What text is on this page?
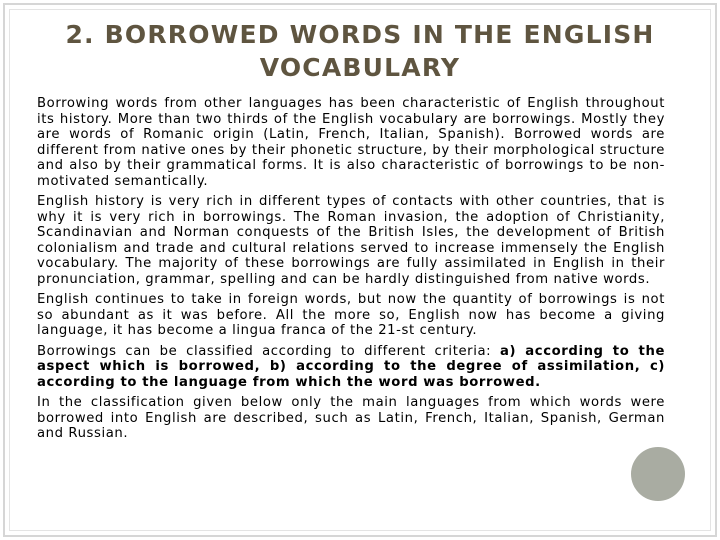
2. BORROWED WORDS IN THE ENGLISH VOCABULARY

Borrowing words from other languages has been characteristic of English throughout its history. More than two thirds of the English vocabulary are borrowings. Mostly they are words of Romanic origin (Latin, French, Italian, Spanish). Borrowed words are different from native ones by their phonetic structure, by their morphological structure and also by their grammatical forms. It is also characteristic of borrowings to be non-motivated semantically.

English history is very rich in different types of contacts with other countries, that is why it is very rich in borrowings. The Roman invasion, the adoption of Christianity, Scandinavian and Norman conquests of the British Isles, the development of British colonialism and trade and cultural relations served to increase immensely the English vocabulary. The majority of these borrowings are fully assimilated in English in their pronunciation, grammar, spelling and can be hardly distinguished from native words.

English continues to take in foreign words, but now the quantity of borrowings is not so abundant as it was before. All the more so, English now has become a giving language, it has become a lingua franca of the 21-st century.

Borrowings can be classified according to different criteria: a) according to the aspect which is borrowed, b) according to the degree of assimilation, c) according to the language from which the word was borrowed.

In the classification given below only the main languages from which words were borrowed into English are described, such as Latin, French, Italian, Spanish, German and Russian.
